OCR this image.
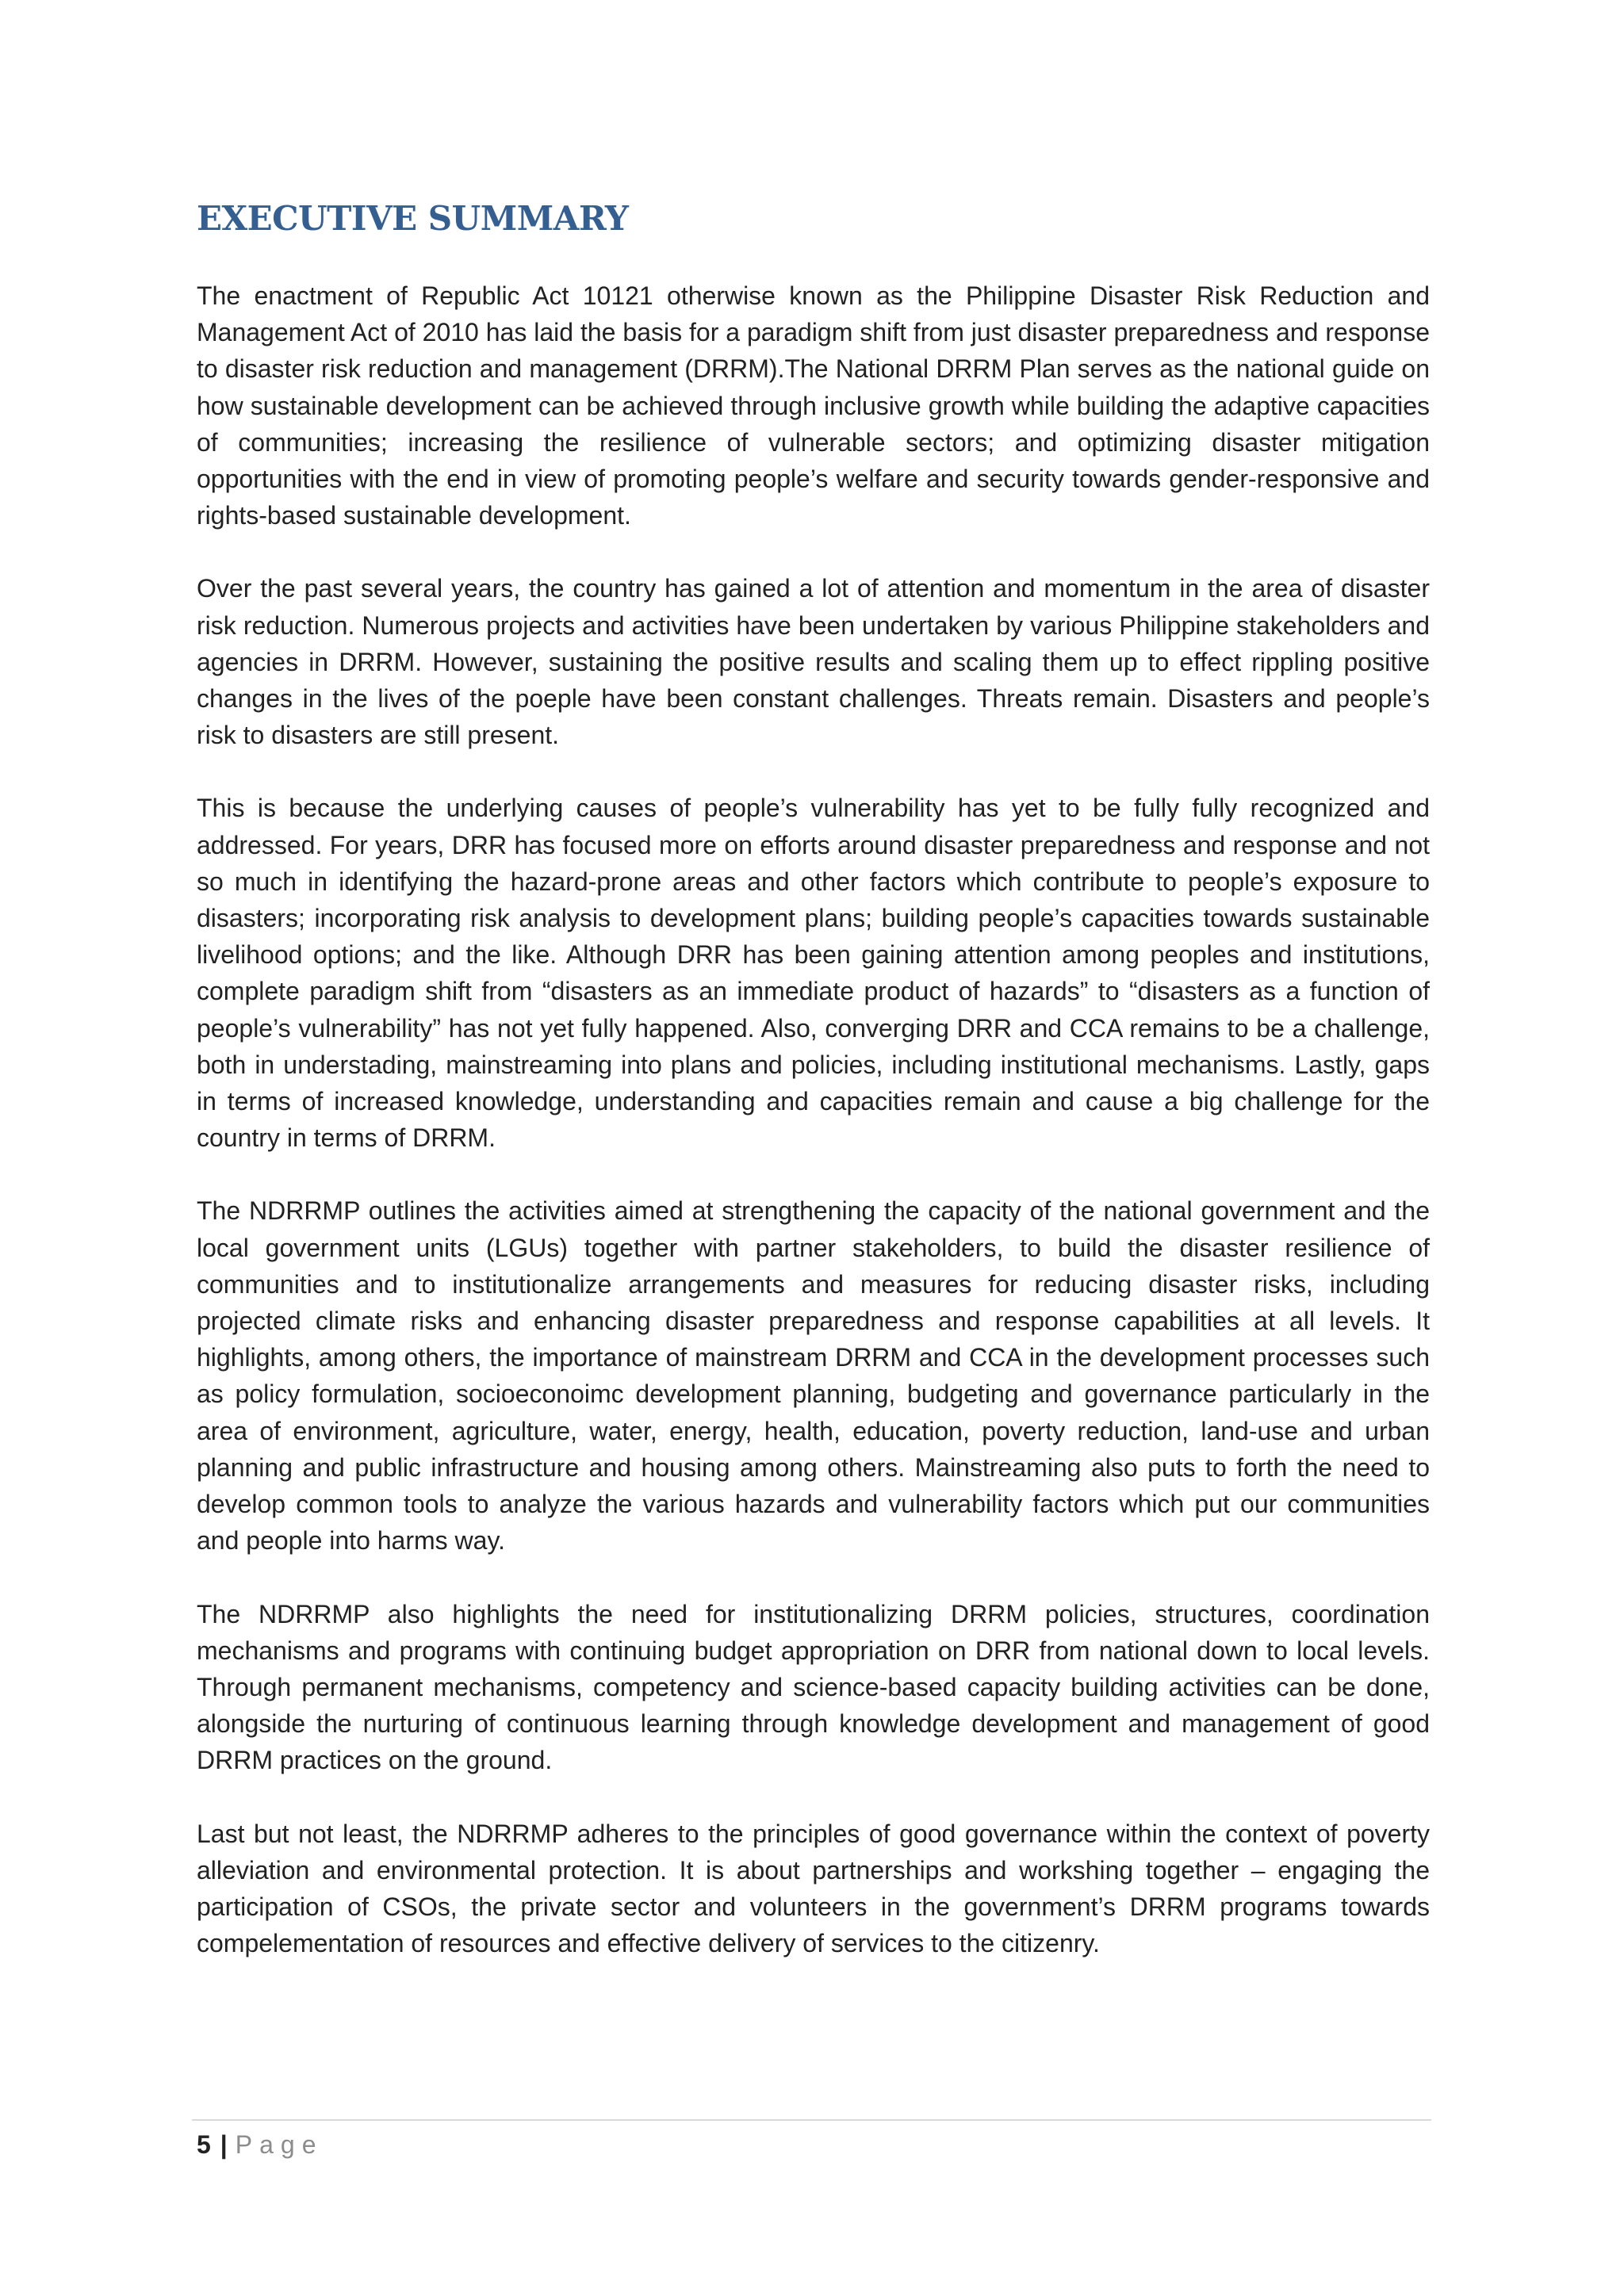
EXECUTIVE SUMMARY

The enactment of Republic Act 10121 otherwise known as the Philippine Disaster Risk Reduction and Management Act of 2010 has laid the basis for a paradigm shift from just disaster preparedness and response to disaster risk reduction and management (DRRM).The National DRRM Plan serves as the national guide on how sustainable development can be achieved through inclusive growth while building the adaptive capacities of communities; increasing the resilience of vulnerable sectors; and optimizing disaster mitigation opportunities with the end in view of promoting people’s welfare and security towards gender-responsive and rights-based sustainable development.

Over the past several years, the country has gained a lot of attention and momentum in the area of disaster risk reduction. Numerous projects and activities have been undertaken by various Philippine stakeholders and agencies in DRRM. However, sustaining the positive results and scaling them up to effect rippling positive changes in the lives of the poeple have been constant challenges. Threats remain. Disasters and people’s risk to disasters are still present.

This is because the underlying causes of people’s vulnerability has yet to be fully fully recognized and addressed. For years, DRR has focused more on efforts around disaster preparedness and response and not so much in identifying the hazard-prone areas and other factors which contribute to people’s exposure to disasters; incorporating risk analysis to development plans; building people’s capacities towards sustainable livelihood options; and the like. Although DRR has been gaining attention among peoples and institutions, complete paradigm shift from “disasters as an immediate product of hazards” to “disasters as a function of people’s vulnerability” has not yet fully happened. Also, converging DRR and CCA remains to be a challenge, both in understading, mainstreaming into plans and policies, including institutional mechanisms. Lastly, gaps in terms of increased knowledge, understanding and capacities remain and cause a big challenge for the country in terms of DRRM.

The NDRRMP outlines the activities aimed at strengthening the capacity of the national government and the local government units (LGUs) together with partner stakeholders, to build the disaster resilience of communities and to institutionalize arrangements and measures for reducing disaster risks, including projected climate risks and enhancing disaster preparedness and response capabilities at all levels. It highlights, among others, the importance of mainstream DRRM and CCA in the development processes such as policy formulation, socioeconoimc development planning, budgeting and governance particularly in the area of environment, agriculture, water, energy, health, education, poverty reduction, land-use and urban planning and public infrastructure and housing among others. Mainstreaming also puts to forth the need to develop common tools to analyze the various hazards and vulnerability factors which put our communities and people into harms way.

The NDRRMP also highlights the need for institutionalizing DRRM policies, structures, coordination mechanisms and programs with continuing budget appropriation on DRR from national down to local levels. Through permanent mechanisms, competency and science-based capacity building activities can be done, alongside the nurturing of continuous learning through knowledge development and management of good DRRM practices on the ground.

Last but not least, the NDRRMP adheres to the principles of good governance within the context of poverty alleviation and environmental protection. It is about partnerships and workshing together – engaging the participation of CSOs, the private sector and volunteers in the government’s DRRM programs towards compelementation of resources and effective delivery of services to the citizenry.

5 | Page
